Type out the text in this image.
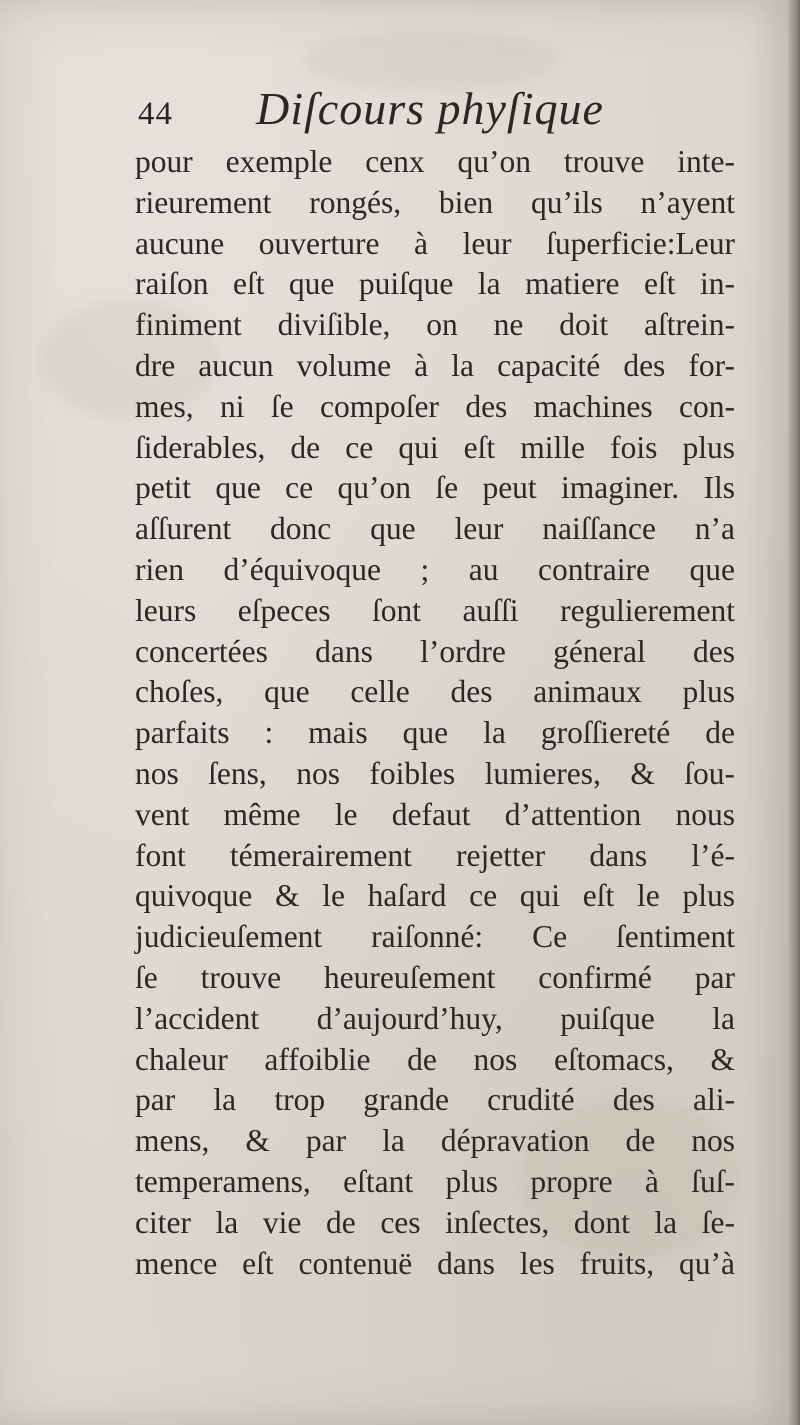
44 Diſcours phyſique
pour exemple cenx qu’on trouve inte-
rieurement rongés, bien qu’ils n’ayent
aucune ouverture à leur ſuperficie:Leur
raiſon eſt que puiſque la matiere eſt in-
finiment diviſible, on ne doit aſtrein-
dre aucun volume à la capacité des for-
mes, ni ſe compoſer des machines con-
ſiderables, de ce qui eſt mille fois plus
petit que ce qu’on ſe peut imaginer. Ils
aſſurent donc que leur naiſſance n’a
rien d’équivoque ; au contraire que
leurs eſpeces ſont auſſi regulierement
concertées dans l’ordre géneral des
choſes, que celle des animaux plus
parfaits : mais que la groſſiereté de
nos ſens, nos foibles lumieres, & ſou-
vent même le defaut d’attention nous
font témerairement rejetter dans l’é-
quivoque & le haſard ce qui eſt le plus
judicieuſement raiſonné: Ce ſentiment
ſe trouve heureuſement confirmé par
l’accident d’aujourd’huy, puiſque la
chaleur affoiblie de nos eſtomacs, &
par la trop grande crudité des ali-
mens, & par la dépravation de nos
temperamens, eſtant plus propre à ſuſ-
citer la vie de ces inſectes, dont la ſe-
mence eſt contenuë dans les fruits, qu’à
